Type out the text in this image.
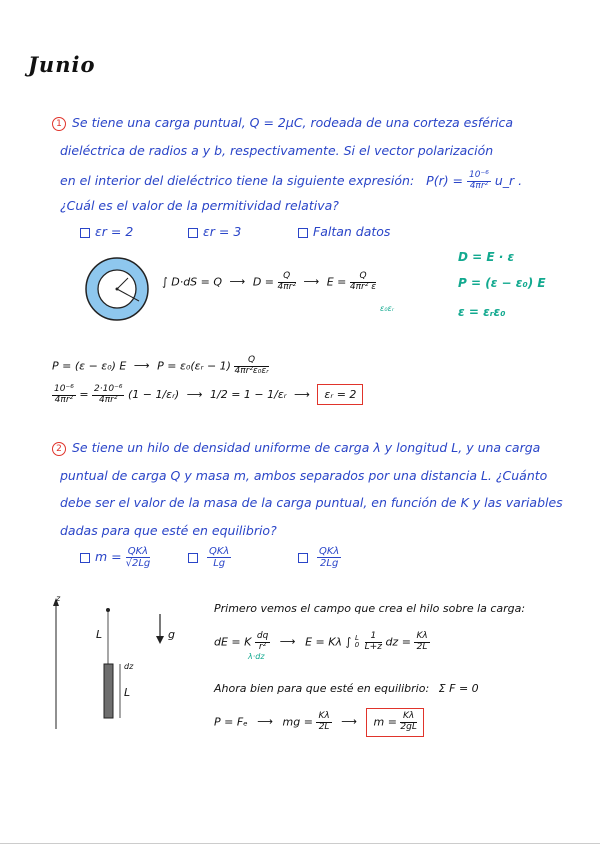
Junio
1 Se tiene una carga puntual, Q = 2μC, rodeada de una corteza esférica
dieléctrica de radios a y b, respectivamente. Si el vector polarización
en el interior del dieléctrico tiene la siguiente expresión: $P(r) = \frac{\text{10⁻⁶}}{\text{4πr²}}$ u_r .
¿Cuál es el valor de la permitividad relativa?
εr = 2	εr = 3	Faltan datos
∫ D·dS = Q ⟶ $D = \frac{Q}{\text{4πr²}}$ ⟶ $E = \frac{Q}{\text{4πr² ε}}$
ε₀εᵣ
D = E · ε
P = (ε − ε₀) E
ε = εᵣε₀
P = (ε − ε₀) E ⟶ P = ε₀(εᵣ − $1) \frac{Q}{\text{4πr²ε₀εᵣ}}$
$\frac{\text{10⁻⁶}}{\text{4πr²}} = \frac{\text{2·10⁻⁶}}{\text{4πr²}} (1$ − 1/εᵣ) ⟶ 1/2 = 1 − 1/εᵣ ⟶ εᵣ = 2
2 Se tiene un hilo de densidad uniforme de carga λ y longitud L, y una carga
puntual de carga Q y masa m, ambos separados por una distancia L. ¿Cuánto
debe ser el valor de la masa de la carga puntual, en función de K y las variables
dadas para que esté en equilibrio?
$m = \frac{\text{QKλ}}{√2Lg}$
	$\frac{\text{QKλ}}{Lg}$
	$\frac{\text{QKλ}}{2Lg}$
z
L
dz
L
g
Primero vemos el campo que crea el hilo sobre la carga:
dE = K $\frac{dq}{\text{r²}}$ ⟶ E = Kλ ∫ L
0
$\frac{1}{L+z}$ dz = $\frac{K\lambda}{2L}$
λ·dz
Ahora bien para que esté en equilibrio: Σ F = 0
P = Fₑ ⟶ mg = $\frac{K\lambda}{2L}$ ⟶ $m = \frac{K\lambda}{2gL}$
